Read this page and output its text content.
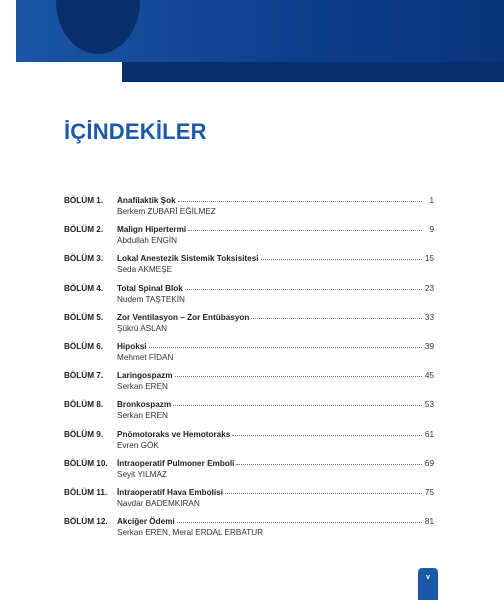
İÇİNDEKİLER
BÖLÜM 1.	Anafilaktik Şok	1
Berkem ZUBARİ EĞİLMEZ
BÖLÜM 2.	Malign Hipertermi	9
Abdullah ENGİN
BÖLÜM 3.	Lokal Anestezik Sistemik Toksisitesi	15
Seda AKMEŞE
BÖLÜM 4.	Total Spinal Blok	23
Nudem TAŞTEKİN
BÖLÜM 5.	Zor Ventilasyon – Zor Entübasyon	33
Şükrü ASLAN
BÖLÜM 6.	Hipoksi	39
Mehmet FİDAN
BÖLÜM 7.	Laringospazm	45
Serkan EREN
BÖLÜM 8.	Bronkospazm	53
Serkan EREN
BÖLÜM 9.	Pnömotoraks ve Hemotoraks	61
Evren GÖK
BÖLÜM 10.	İntraoperatif Pulmoner Emboli	69
Seyit YILMAZ
BÖLÜM 11.	İntraoperatif Hava Embolisi	75
Navdar BADEMKIRAN
BÖLÜM 12.	Akciğer Ödemi	81
Serkan EREN, Meral ERDAL ERBATUR
v
